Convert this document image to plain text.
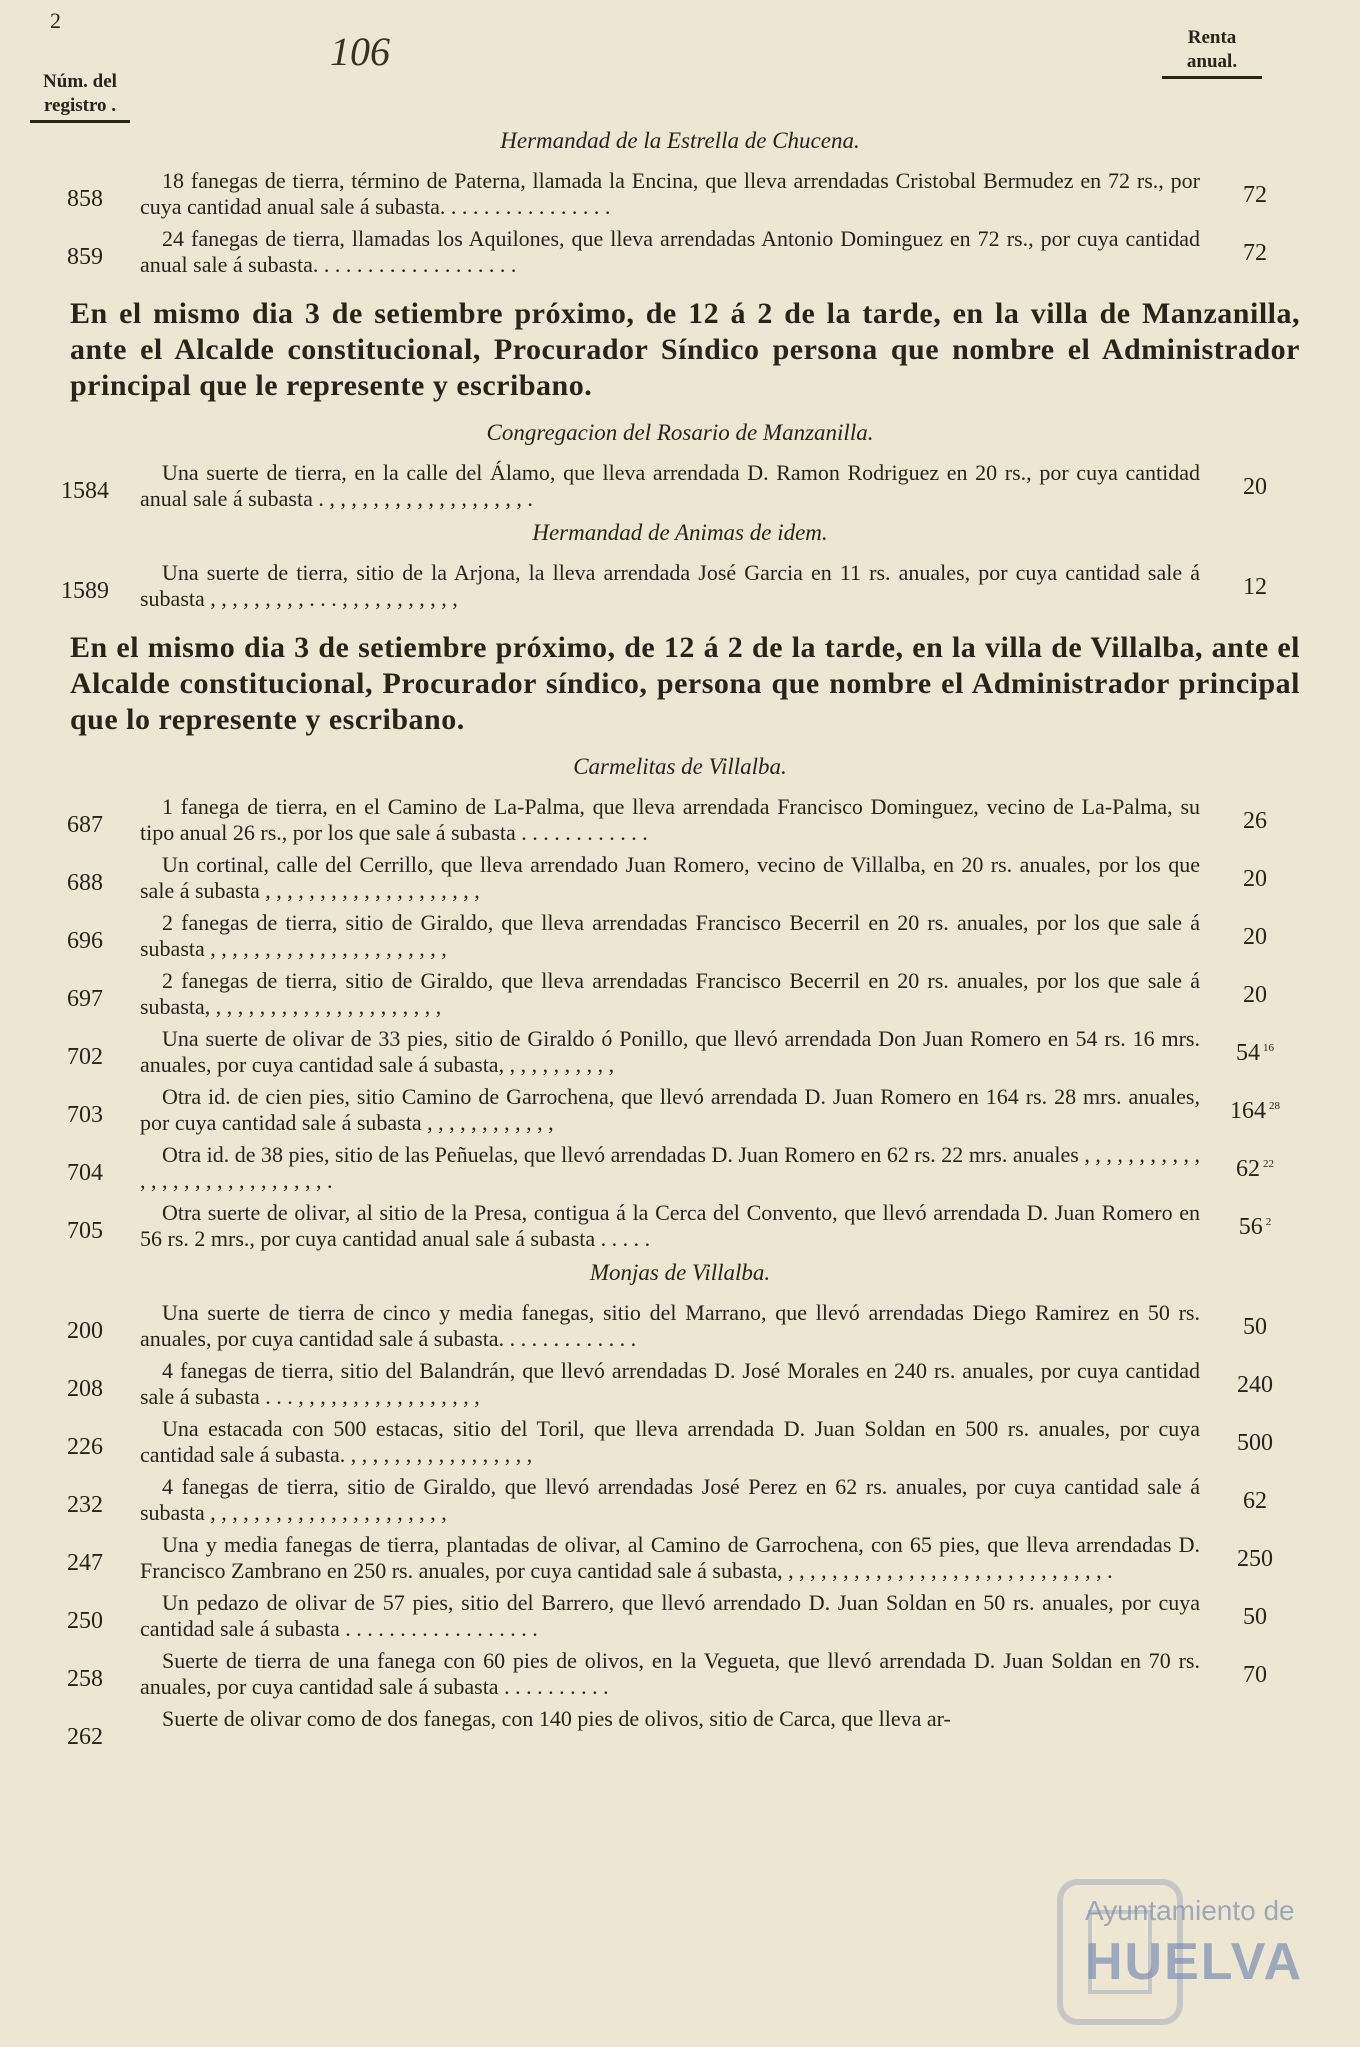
2
106
Núm. del
registro .
Renta
anual.
Hermandad de la Estrella de Chucena.
858
18 fanegas de tierra, término de Paterna, llamada la Encina, que lleva arrendadas Cristobal Bermudez en 72 rs., por cuya cantidad anual sale á subasta. . . . . . . . . . . . . . . .	72
859
24 fanegas de tierra, llamadas los Aquilones, que lleva arrendadas Antonio Dominguez en 72 rs., por cuya cantidad anual sale á subasta. . . . . . . . . . . . . . . . . . .	72
En el mismo dia 3 de setiembre próximo, de 12 á 2 de la tarde, en la villa de Manzanilla, ante el Alcalde constitucional, Procurador Síndico persona que nombre el Administrador principal que le represente y escribano.
Congregacion del Rosario de Manzanilla.
1584
Una suerte de tierra, en la calle del Álamo, que lleva arrendada D. Ramon Rodriguez en 20 rs., por cuya cantidad anual sale á subasta . , , , , , , , , , , , , , , , , , , .	20
Hermandad de Animas de idem.
1589
Una suerte de tierra, sitio de la Arjona, la lleva arrendada José Garcia en 11 rs. anuales, por cuya cantidad sale á subasta , , , , , , , , , . . . , , , , , , , , , , ,	12
En el mismo dia 3 de setiembre próximo, de 12 á 2 de la tarde, en la villa de Villalba, ante el Alcalde constitucional, Procurador síndico, persona que nombre el Administrador principal que lo represente y escribano.
Carmelitas de Villalba.
687
1 fanega de tierra, en el Camino de La-Palma, que lleva arrendada Francisco Dominguez, vecino de La-Palma, su tipo anual 26 rs., por los que sale á subasta . . . . . . . . . . . .	26
688
Un cortinal, calle del Cerrillo, que lleva arrendado Juan Romero, vecino de Villalba, en 20 rs. anuales, por los que sale á subasta , , , , , , , , , , , , , , , , , , , ,	20
696
2 fanegas de tierra, sitio de Giraldo, que lleva arrendadas Francisco Becerril en 20 rs. anuales, por los que sale á subasta , , , , , , , , , , , , , , , , , , , , , ,	20
697
2 fanegas de tierra, sitio de Giraldo, que lleva arrendadas Francisco Becerril en 20 rs. anuales, por los que sale á subasta, , , , , , , , , , , , , , , , , , , , , ,	20
702
Una suerte de olivar de 33 pies, sitio de Giraldo ó Ponillo, que llevó arrendada Don Juan Romero en 54 rs. 16 mrs. anuales, por cuya cantidad sale á subasta, , , , , , , , , , ,	54 $^{16}$
703
Otra id. de cien pies, sitio Camino de Garrochena, que llevó arrendada D. Juan Romero en 164 rs. 28 mrs. anuales, por cuya cantidad sale á subasta , , , , , , , , , , , ,	164 $^{28}$
704
Otra id. de 38 pies, sitio de las Peñuelas, que llevó arrendadas D. Juan Romero en 62 rs. 22 mrs. anuales , , , , , , , , , , , , , , , , , , , , , , , , , , , , .	62 $^{22}$
705
Otra suerte de olivar, al sitio de la Presa, contigua á la Cerca del Convento, que llevó arrendada D. Juan Romero en 56 rs. 2 mrs., por cuya cantidad anual sale á subasta . . . . .	56 $^2$
Monjas de Villalba.
200
Una suerte de tierra de cinco y media fanegas, sitio del Marrano, que llevó arrendadas Diego Ramirez en 50 rs. anuales, por cuya cantidad sale á subasta. . . . . . . . . . . . .	50
208
4 fanegas de tierra, sitio del Balandrán, que llevó arrendadas D. José Morales en 240 rs. anuales, por cuya cantidad sale á subasta . . . , , , , , , , , , , , , , , , , ,	240
226
Una estacada con 500 estacas, sitio del Toril, que lleva arrendada D. Juan Soldan en 500 rs. anuales, por cuya cantidad sale á subasta. , , , , , , , , , , , , , , , , ,	500
232
4 fanegas de tierra, sitio de Giraldo, que llevó arrendadas José Perez en 62 rs. anuales, por cuya cantidad sale á subasta , , , , , , , , , , , , , , , , , , , , , ,	62
247
Una y media fanegas de tierra, plantadas de olivar, al Camino de Garrochena, con 65 pies, que lleva arrendadas D. Francisco Zambrano en 250 rs. anuales, por cuya cantidad sale á subasta, , , , , , , , , , , , , , , , , , , , , , , , , , , , , , .	250
250
Un pedazo de olivar de 57 pies, sitio del Barrero, que llevó arrendado D. Juan Soldan en 50 rs. anuales, por cuya cantidad sale á subasta . . . . . . . . . . . . . . . . . .	50
258
Suerte de tierra de una fanega con 60 pies de olivos, en la Vegueta, que llevó arrendada D. Juan Soldan en 70 rs. anuales, por cuya cantidad sale á subasta . . . . . . . . . .	70
262
Suerte de olivar como de dos fanegas, con 140 pies de olivos, sitio de Carca, que lleva ar-
Ayuntamiento de
HUELVA
